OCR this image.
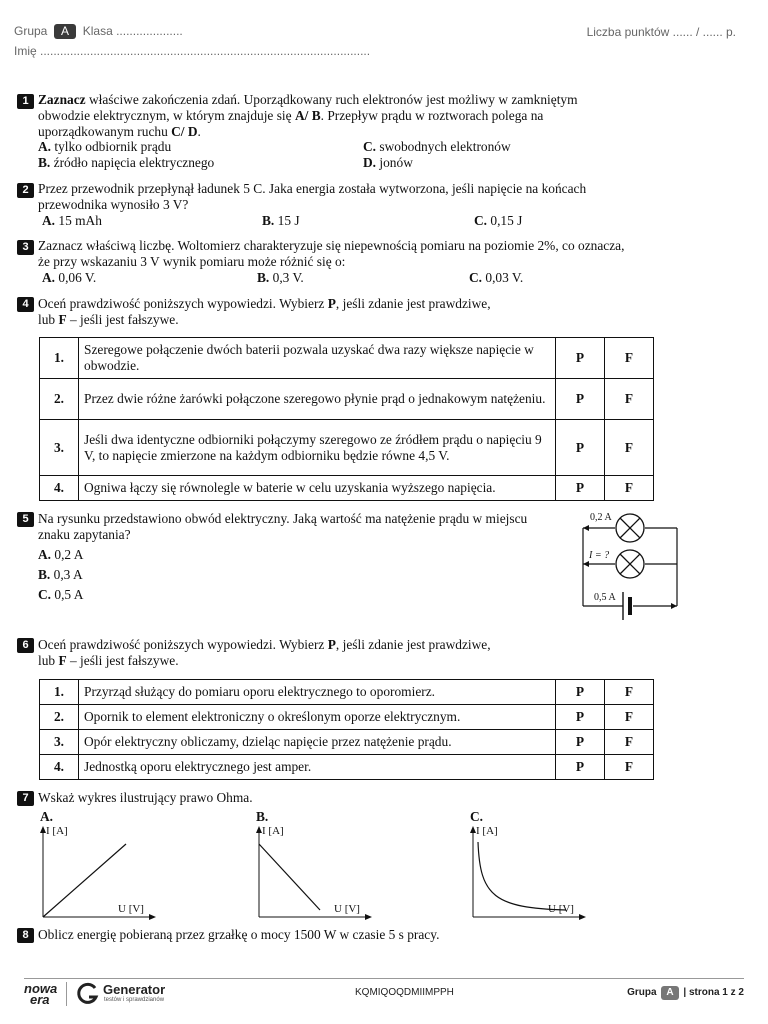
Grupa A Klasa ....................	Liczba punktów ...... / ...... p.
Imię ...................................................................................................
1 Zaznacz właściwe zakończenia zdań. Uporządkowany ruch elektronów jest możliwy w zamkniętym
obwodzie elektrycznym, w którym znajduje się A/ B. Przepływ prądu w roztworach polega na
uporządkowanym ruchu C/ D.
A. tylko odbiornik prądu	C. swobodnych elektronów
B. źródło napięcia elektrycznego	D. jonów
2 Przez przewodnik przepłynął ładunek 5 C. Jaka energia została wytworzona, jeśli napięcie na końcach
przewodnika wynosiło 3 V?
A. 15 mAh	B. 15 J	C. 0,15 J
3 Zaznacz właściwą liczbę. Woltomierz charakteryzuje się niepewnością pomiaru na poziomie 2%, co oznacza,
że przy wskazaniu 3 V wynik pomiaru może różnić się o:
A. 0,06 V.	B. 0,3 V.	C. 0,03 V.
4 Oceń prawdziwość poniższych wypowiedzi. Wybierz P, jeśli zdanie jest prawdziwe,
lub F – jeśli jest fałszywe.
1.	Szeregowe połączenie dwóch baterii pozwala uzyskać dwa razy większe napięcie w obwodzie.	P	F
2.	Przez dwie różne żarówki połączone szeregowo płynie prąd o jednakowym natężeniu.	P	F
3.	Jeśli dwa identyczne odbiorniki połączymy szeregowo ze źródłem prądu o napięciu 9 V, to napięcie zmierzone na każdym odbiorniku będzie równe 4,5 V.	P	F
4.	Ogniwa łączy się równolegle w baterie w celu uzyskania wyższego napięcia.	P	F
5 Na rysunku przedstawiono obwód elektryczny. Jaką wartość ma natężenie prądu w miejscu
znaku zapytania?
A. 0,2 A
B. 0,3 A
C. 0,5 A
0,2 A
I = ?
0,5 A
6 Oceń prawdziwość poniższych wypowiedzi. Wybierz P, jeśli zdanie jest prawdziwe,
lub F – jeśli jest fałszywe.
1.	Przyrząd służący do pomiaru oporu elektrycznego to oporomierz.	P	F
2.	Opornik to element elektroniczny o określonym oporze elektrycznym.	P	F
3.	Opór elektryczny obliczamy, dzieląc napięcie przez natężenie prądu.	P	F
4.	Jednostką oporu elektrycznego jest amper.	P	F
7 Wskaż wykres ilustrujący prawo Ohma.
A.
I [A]
U [V]
B.
I [A]
U [V]
C.
I [A]
U [V]
8 Oblicz energię pobieraną przez grzałkę o mocy 1500 W w czasie 5 s pracy.
nowa
era
Generator
testów i sprawdzianów
KQMIQOQDMIIMPPH	Grupa A | strona 1 z 2
